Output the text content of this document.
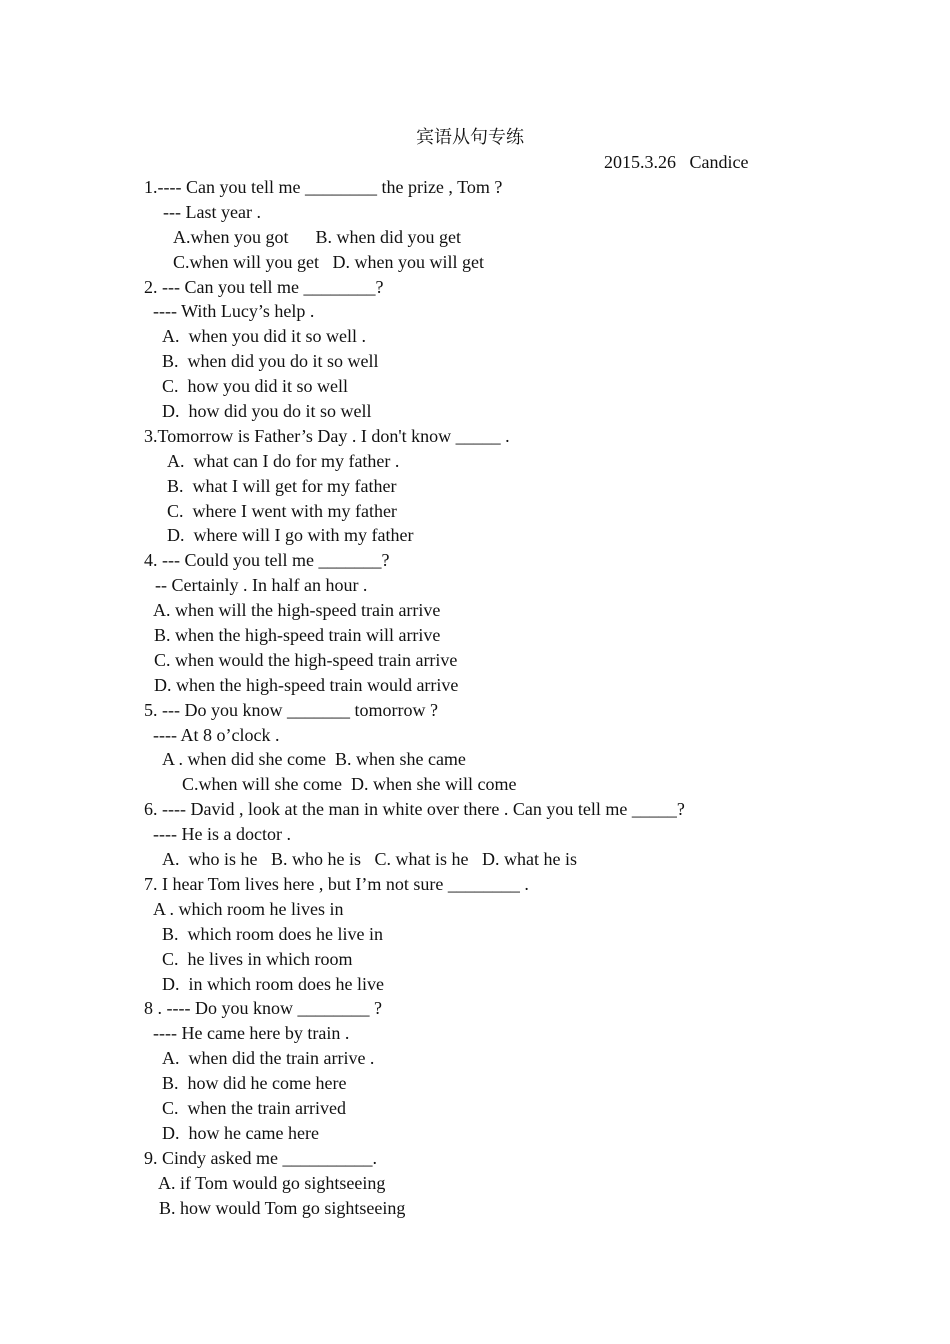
宾语从句专练
2015.3.26 Candice
1.---- Can you tell me ________ the prize , Tom ?
--- Last year .
A.when you got      B. when did you get
C.when will you get   D. when you will get
2. --- Can you tell me ________?
---- With Lucy’s help .
A.  when you did it so well .
B.  when did you do it so well
C.  how you did it so well
D.  how did you do it so well
3.Tomorrow is Father’s Day . I don't know _____ .
A.  what can I do for my father .
B.  what I will get for my father
C.  where I went with my father
D.  where will I go with my father
4. --- Could you tell me _______?
-- Certainly . In half an hour .
A. when will the high-speed train arrive
B. when the high-speed train will arrive
C. when would the high-speed train arrive
D. when the high-speed train would arrive
5. --- Do you know _______ tomorrow ?
---- At 8 o’clock .
A . when did she come  B. when she came
C.when will she come  D. when she will come
6. ---- David , look at the man in white over there . Can you tell me _____?
---- He is a doctor .
A.  who is he   B. who he is   C. what is he   D. what he is
7. I hear Tom lives here , but I’m not sure ________ .
A . which room he lives in
B.  which room does he live in
C.  he lives in which room
D.  in which room does he live
8 . ---- Do you know ________ ?
---- He came here by train .
A.  when did the train arrive .
B.  how did he come here
C.  when the train arrived
D.  how he came here
9. Cindy asked me __________.
A. if Tom would go sightseeing
B. how would Tom go sightseeing
